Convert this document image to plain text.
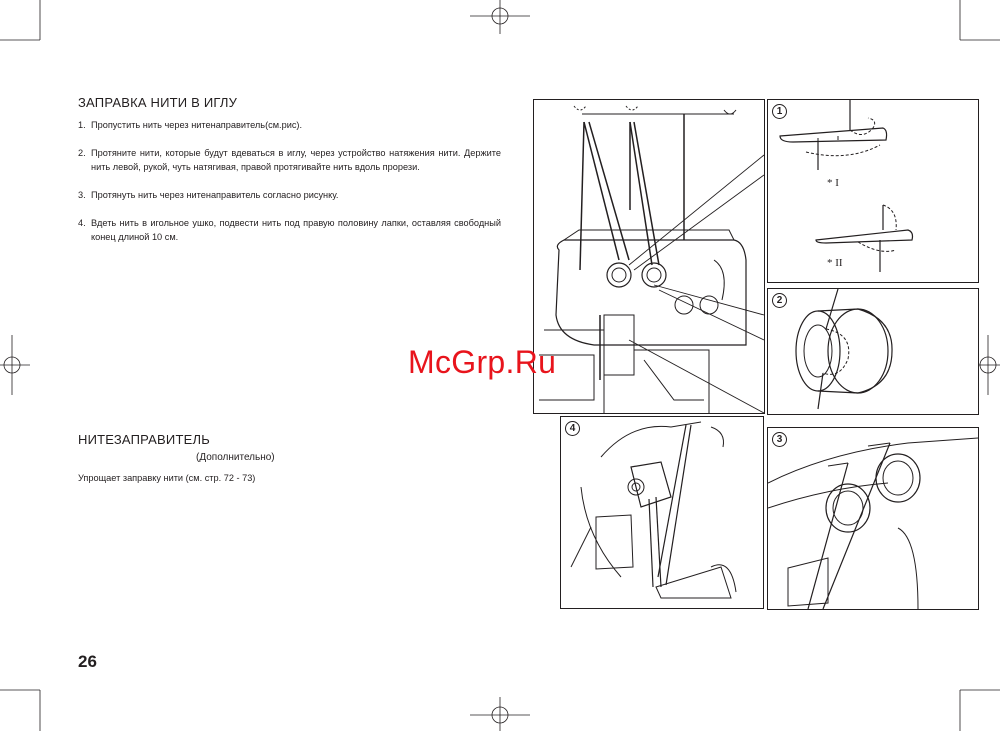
ЗАПРАВКА НИТИ В ИГЛУ
1. Пропустить нить через нитенаправитель(см.рис).
2. Протяните нити, которые будут вдеваться в иглу, через устройство натяжения нити. Держите нить левой, рукой, чуть натягивая, правой протягивайте нить вдоль прорези.
3. Протянуть нить через нитенаправитель согласно рисунку.
4. Вдеть нить в игольное ушко, подвести нить под правую половину лапки, оставляя свободный конец длиной 10 см.
НИТЕЗАПРАВИТЕЛЬ
(Дополнительно)
Упрощает заправку нити (см. стр. 72 - 73)
26
1
* I
* II
2
3
4
McGrp.Ru
